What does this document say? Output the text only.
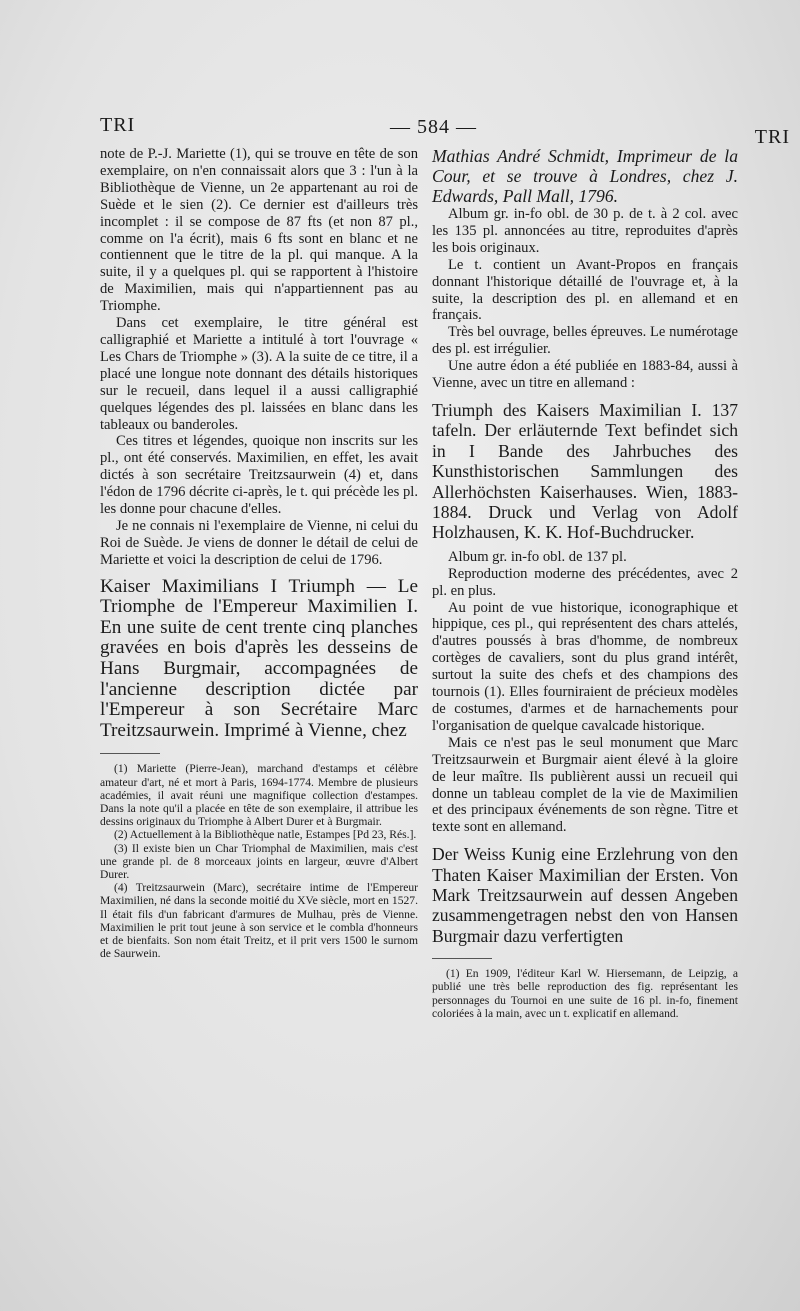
TRI	— 584 —	TRI

note de P.-J. Mariette (1), qui se trouve en tête de son exemplaire, on n'en connaissait alors que 3 : l'un à la Bibliothèque de Vienne, un 2e appartenant au roi de Suède et le sien (2). Ce dernier est d'ailleurs très incomplet : il se compose de 87 fts (et non 87 pl., comme on l'a écrit), mais 6 fts sont en blanc et ne contiennent que le titre de la pl. qui manque. A la suite, il y a quelques pl. qui se rapportent à l'histoire de Maximilien, mais qui n'appartiennent pas au Triomphe.

Dans cet exemplaire, le titre général est calligraphié et Mariette a intitulé à tort l'ouvrage « Les Chars de Triomphe » (3). A la suite de ce titre, il a placé une longue note donnant des détails historiques sur le recueil, dans lequel il a aussi calligraphié quelques légendes des pl. laissées en blanc dans les tableaux ou banderoles.

Ces titres et légendes, quoique non inscrits sur les pl., ont été conservés. Maximilien, en effet, les avait dictés à son secrétaire Treitzsaurwein (4) et, dans l'édon de 1796 décrite ci-après, le t. qui précède les pl. les donne pour chacune d'elles.

Je ne connais ni l'exemplaire de Vienne, ni celui du Roi de Suède. Je viens de donner le détail de celui de Mariette et voici la description de celui de 1796.

Kaiser Maximilians I Triumph — Le Triomphe de l'Empereur Maximilien I. En une suite de cent trente cinq planches gravées en bois d'après les desseins de Hans Burgmair, accompagnées de l'ancienne description dictée par l'Empereur à son Secrétaire Marc Treitzsaurwein. Imprimé à Vienne, chez

(1) Mariette (Pierre-Jean), marchand d'estamps et célèbre amateur d'art, né et mort à Paris, 1694-1774. Membre de plusieurs académies, il avait réuni une magnifique collection d'estampes. Dans la note qu'il a placée en tête de son exemplaire, il attribue les dessins originaux du Triomphe à Albert Durer et à Burgmair.

(2) Actuellement à la Bibliothèque natle, Estampes [Pd 23, Rés.].

(3) Il existe bien un Char Triomphal de Maximilien, mais c'est une grande pl. de 8 morceaux joints en largeur, œuvre d'Albert Durer.

(4) Treitzsaurwein (Marc), secrétaire intime de l'Empereur Maximilien, né dans la seconde moitié du XVe siècle, mort en 1527. Il était fils d'un fabricant d'armures de Mulhau, près de Vienne. Maximilien le prit tout jeune à son service et le combla d'honneurs et de bienfaits. Son nom était Treitz, et il prit vers 1500 le surnom de Saurwein.

Mathias André Schmidt, Imprimeur de la Cour, et se trouve à Londres, chez J. Edwards, Pall Mall, 1796.

Album gr. in-fo obl. de 30 p. de t. à 2 col. avec les 135 pl. annoncées au titre, reproduites d'après les bois originaux.

Le t. contient un Avant-Propos en français donnant l'historique détaillé de l'ouvrage et, à la suite, la description des pl. en allemand et en français.

Très bel ouvrage, belles épreuves. Le numérotage des pl. est irrégulier.

Une autre édon a été publiée en 1883-84, aussi à Vienne, avec un titre en allemand :

Triumph des Kaisers Maximilian I. 137 tafeln. Der erläuternde Text befindet sich in I Bande des Jahrbuches des Kunsthistorischen Sammlungen des Allerhöchsten Kaiserhauses. Wien, 1883-1884. Druck und Verlag von Adolf Holzhausen, K. K. Hof-Buchdrucker.

Album gr. in-fo obl. de 137 pl.

Reproduction moderne des précédentes, avec 2 pl. en plus.

Au point de vue historique, iconographique et hippique, ces pl., qui représentent des chars attelés, d'autres poussés à bras d'homme, de nombreux cortèges de cavaliers, sont du plus grand intérêt, surtout la suite des chefs et des champions des tournois (1). Elles fourniraient de précieux modèles de costumes, d'armes et de harnachements pour l'organisation de quelque cavalcade historique.

Mais ce n'est pas le seul monument que Marc Treitzsaurwein et Burgmair aient élevé à la gloire de leur maître. Ils publièrent aussi un recueil qui donne un tableau complet de la vie de Maximilien et des principaux événements de son règne. Titre et texte sont en allemand.

Der Weiss Kunig eine Erzlehrung von den Thaten Kaiser Maximilian der Ersten. Von Mark Treitzsaurwein auf dessen Angeben zusammengetragen nebst den von Hansen Burgmair dazu verfertigten

(1) En 1909, l'éditeur Karl W. Hiersemann, de Leipzig, a publié une très belle reproduction des fig. représentant les personnages du Tournoi en une suite de 16 pl. in-fo, finement coloriées à la main, avec un t. explicatif en allemand.
